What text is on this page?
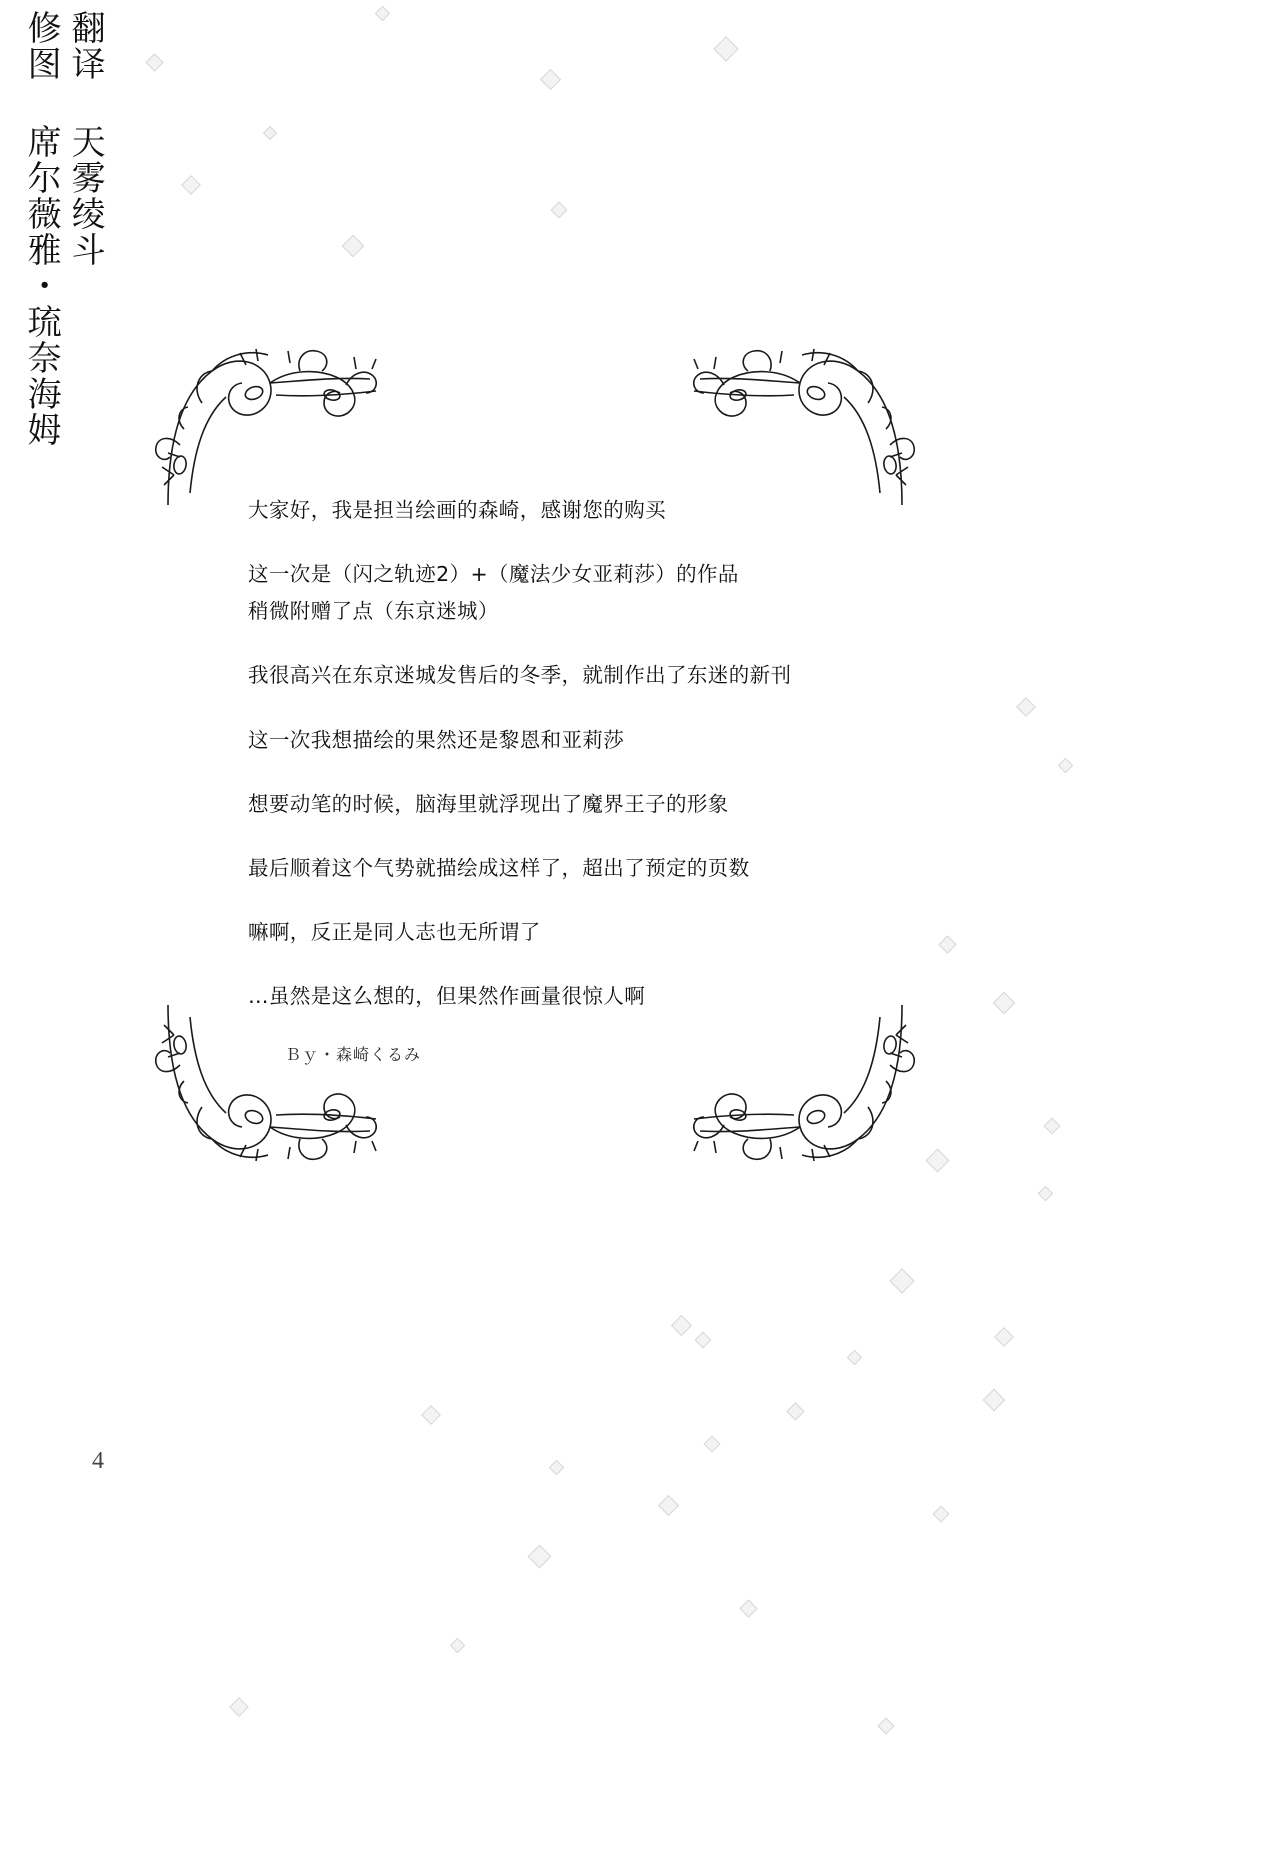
翻译 天雾绫斗
修图 席尔薇雅・琉奈海姆

大家好，我是担当绘画的森崎，感谢您的购买

这一次是（闪之轨迹2）+（魔法少女亚莉莎）的作品

稍微附赠了点（东京迷城）

我很高兴在东京迷城发售后的冬季，就制作出了东迷的新刊

这一次我想描绘的果然还是黎恩和亚莉莎

想要动笔的时候，脑海里就浮现出了魔界王子的形象

最后顺着这个气势就描绘成这样了，超出了预定的页数

嘛啊，反正是同人志也无所谓了

…虽然是这么想的，但果然作画量很惊人啊

Ｂｙ・森崎くるみ
4
